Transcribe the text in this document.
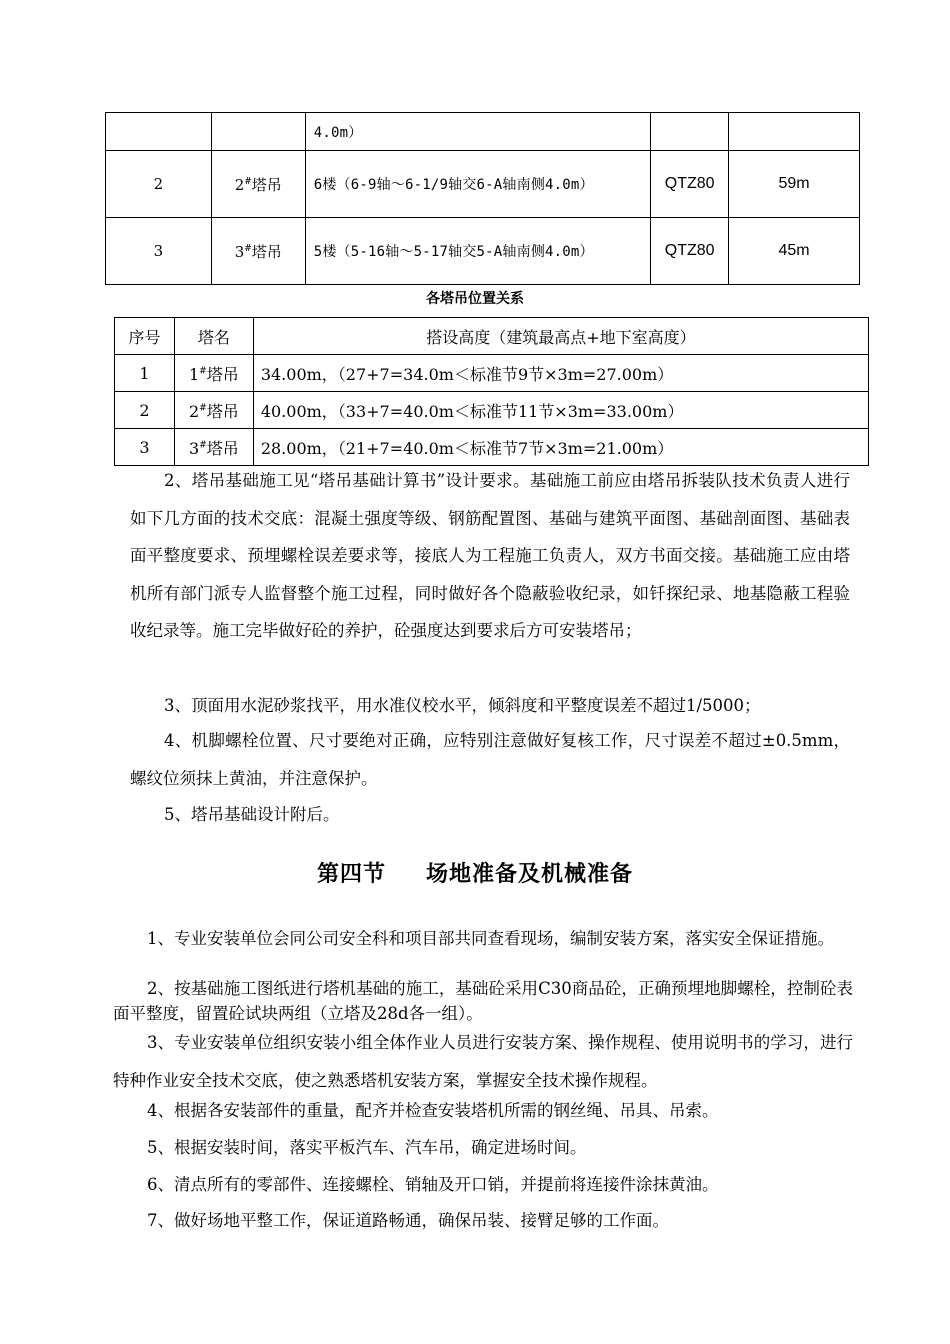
		4.0m）		
2	2#塔吊	6楼（6-9轴～6-1/9轴交6-A轴南侧4.0m）	QTZ80	59m
3	3#塔吊	5楼（5-16轴～5-17轴交5-A轴南侧4.0m）	QTZ80	45m
各塔吊位置关系
序号	塔名	搭设高度（建筑最高点+地下室高度）
1	1#塔吊	34.00m，（27+7=34.0m＜标准节9节×3m=27.00m）
2	2#塔吊	40.00m，（33+7=40.0m＜标准节11节×3m=33.00m）
3	3#塔吊	28.00m，（21+7=40.0m＜标准节7节×3m=21.00m）
2、塔吊基础施工见“塔吊基础计算书”设计要求。基础施工前应由塔吊拆装队技术负责人进行如下几方面的技术交底：混凝土强度等级、钢筋配置图、基础与建筑平面图、基础剖面图、基础表面平整度要求、预埋螺栓误差要求等，接底人为工程施工负责人，双方书面交接。基础施工应由塔机所有部门派专人监督整个施工过程，同时做好各个隐蔽验收纪录，如钎探纪录、地基隐蔽工程验收纪录等。施工完毕做好砼的养护，砼强度达到要求后方可安装塔吊；
3、顶面用水泥砂浆找平，用水准仪校水平，倾斜度和平整度误差不超过1/5000；
4、机脚螺栓位置、尺寸要绝对正确，应特别注意做好复核工作，尺寸误差不超过±0.5mm，螺纹位须抹上黄油，并注意保护。
5、塔吊基础设计附后。
第四节 场地准备及机械准备
1、专业安装单位会同公司安全科和项目部共同查看现场，编制安装方案，落实安全保证措施。
2、按基础施工图纸进行塔机基础的施工，基础砼采用C30商品砼，正确预埋地脚螺栓，控制砼表面平整度，留置砼试块两组（立塔及28d各一组）。
3、专业安装单位组织安装小组全体作业人员进行安装方案、操作规程、使用说明书的学习，进行特种作业安全技术交底，使之熟悉塔机安装方案，掌握安全技术操作规程。
4、根据各安装部件的重量，配齐并检查安装塔机所需的钢丝绳、吊具、吊索。
5、根据安装时间，落实平板汽车、汽车吊，确定进场时间。
6、清点所有的零部件、连接螺栓、销轴及开口销，并提前将连接件涂抹黄油。
7、做好场地平整工作，保证道路畅通，确保吊装、接臂足够的工作面。
